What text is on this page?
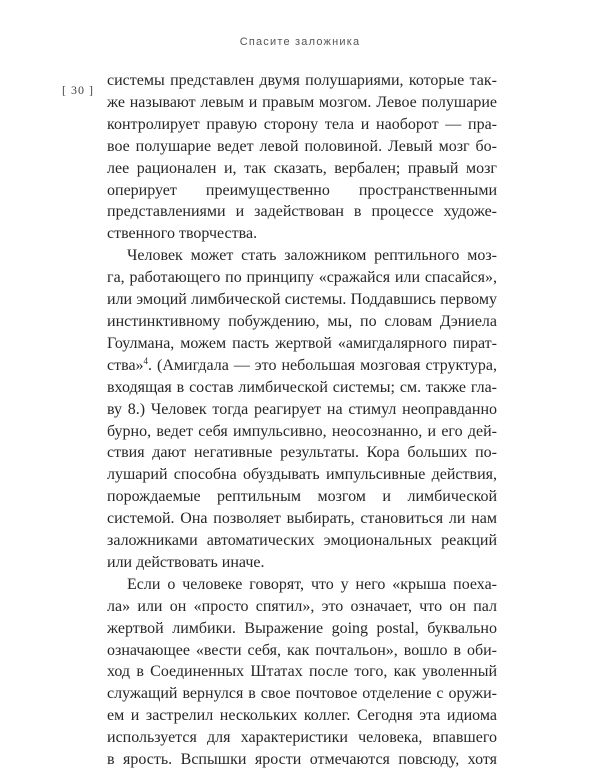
Спасите заложника
[ 30 ]
системы представлен двумя полушариями, которые так-
же называют левым и правым мозгом. Левое полушарие
контролирует правую сторону тела и наоборот — пра-
вое полушарие ведет левой половиной. Левый мозг бо-
лее рационален и, так сказать, вербален; правый мозг
оперирует преимущественно пространственными
представлениями и задействован в процессе художе-
ственного творчества.
Человек может стать заложником рептильного моз-
га, работающего по принципу «сражайся или спасайся»,
или эмоций лимбической системы. Поддавшись первому
инстинктивному побуждению, мы, по словам Дэниела
Гоулмана, можем пасть жертвой «амигдалярного пират-
ства»$^4$. (Амигдала — это небольшая мозговая структура,
входящая в состав лимбической системы; см. также гла-
ву 8.) Человек тогда реагирует на стимул неоправданно
бурно, ведет себя импульсивно, неосознанно, и его дей-
ствия дают негативные результаты. Кора больших по-
лушарий способна обуздывать импульсивные действия,
порождаемые рептильным мозгом и лимбической
системой. Она позволяет выбирать, становиться ли нам
заложниками автоматических эмоциональных реакций
или действовать иначе.
Если о человеке говорят, что у него «крыша поеха-
ла» или он «просто спятил», это означает, что он пал
жертвой лимбики. Выражение going postal, буквально
означающее «вести себя, как почтальон», вошло в оби-
ход в Соединенных Штатах после того, как уволенный
служащий вернулся в свое почтовое отделение с оружи-
ем и застрелил нескольких коллег. Сегодня эта идиома
используется для характеристики человека, впавшего
в ярость. Вспышки ярости отмечаются повсюду, хотя
